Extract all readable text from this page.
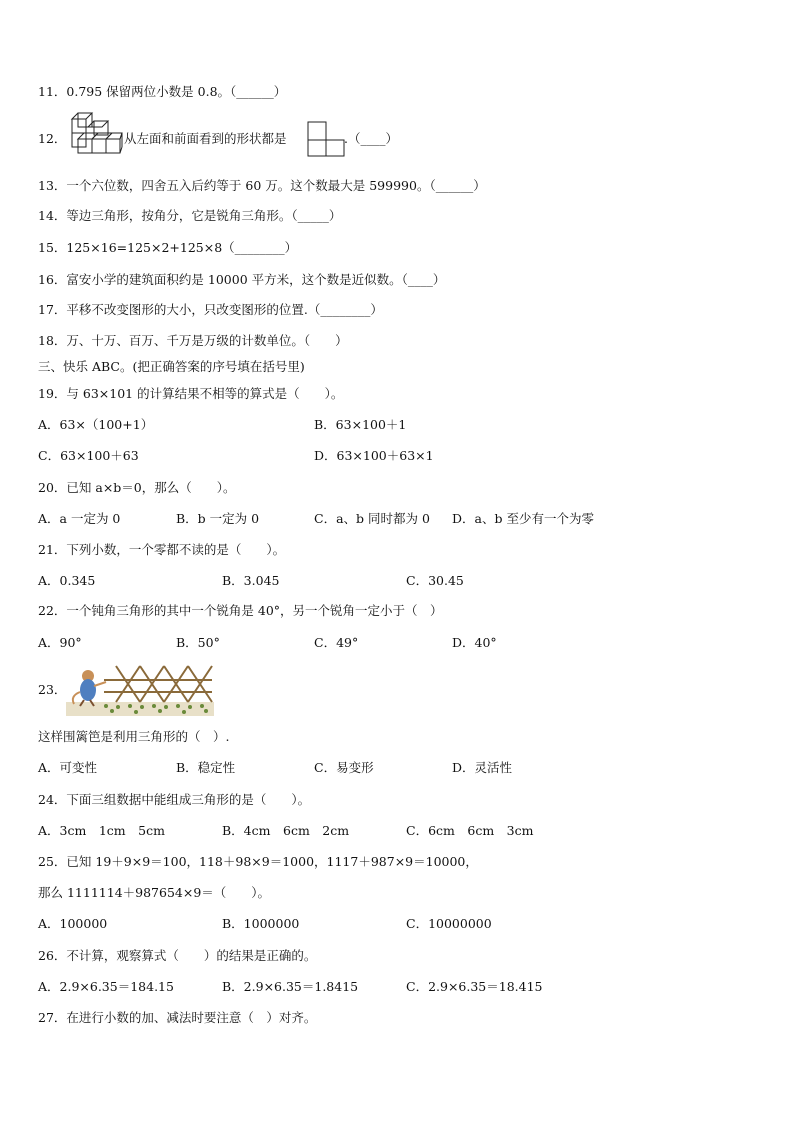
11．0.795 保留两位小数是 0.8。（______）
12．	从左面和前面看到的形状都是	.（____）
13．一个六位数，四舍五入后约等于 60 万。这个数最大是 599990。（______）
14．等边三角形，按角分，它是锐角三角形。（_____）
15．125×16=125×2+125×8（________）
16．富安小学的建筑面积约是 10000 平方米，这个数是近似数。（____）
17．平移不改变图形的大小，只改变图形的位置.（________）
18．万、十万、百万、千万是万级的计数单位。（　　）
三、快乐 ABC。(把正确答案的序号填在括号里)
19．与 63×101 的计算结果不相等的算式是（　　）。
A．63×（100+1）	B．63×100＋1
C．63×100＋63	D．63×100＋63×1
20．已知 a×b＝0，那么（　　）。
A．a 一定为 0	B．b 一定为 0	C．a、b 同时都为 0 D．a、b 至少有一个为零
21．下列小数，一个零都不读的是（　　）。
A．0.345	B．3.045	C．30.45
22．一个钝角三角形的其中一个锐角是 40°，另一个锐角一定小于（　）
A．90°	B．50°	C．49°	D．40°
23．
这样围篱笆是利用三角形的（　）.
A．可变性	B．稳定性	C．易变形	D．灵活性
24．下面三组数据中能组成三角形的是（　　）。
A．3cm　1cm　5cm	B．4cm　6cm　2cm	C．6cm　6cm　3cm
25．已知 19＋9×9＝100，118＋98×9＝1000，1117＋987×9＝10000，
那么 1111114＋987654×9＝（　　）。
A．100000	B．1000000	C．10000000
26．不计算，观察算式（　　）的结果是正确的。
A．2.9×6.35＝184.15	B．2.9×6.35＝1.8415	C．2.9×6.35＝18.415
27．在进行小数的加、减法时要注意（　）对齐。
